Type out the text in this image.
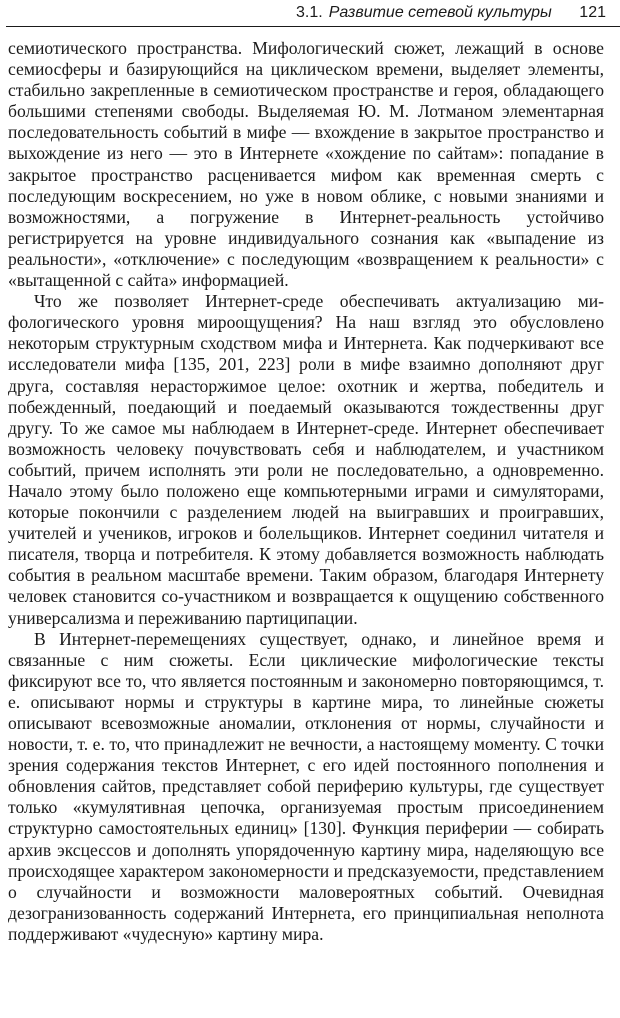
3.1. Развитие сетевой культуры 121

семиотического пространства. Мифологический сюжет, лежащий в основе семиосферы и базирующийся на циклическом времени, выделяет элементы, стабильно закрепленные в семиотическом пространстве и героя, обладающего большими степенями свободы. Выделяемая Ю. М. Лотманом элементарная последовательность событий в мифе — вхождение в закрытое пространство и выхождение из него — это в Интернете «хождение по сайтам»: попадание в закрытое пространство расценивается мифом как временная смерть с последующим воскресением, но уже в новом облике, с новыми знаниями и возможностями, а погружение в Интернет-реальность устойчиво регистрируется на уровне индивидуального сознания как «выпадение из реальности», «отключение» с последующим «возвращением к реальности» с «вытащенной с сайта» информацией.

Что же позволяет Интернет-среде обеспечивать актуализацию мифологического уровня мироощущения? На наш взгляд это обусловлено некоторым структурным сходством мифа и Интернета. Как подчеркивают все исследователи мифа [135, 201, 223] роли в мифе взаимно дополняют друг друга, составляя нерасторжимое целое: охотник и жертва, победитель и побежденный, поедающий и поедаемый оказываются тождественны друг другу. То же самое мы наблюдаем в Интернет-среде. Интернет обеспечивает возможность человеку почувствовать себя и наблюдателем, и участником событий, причем исполнять эти роли не последовательно, а одновременно. Начало этому было положено еще компьютерными играми и симуляторами, которые покончили с разделением людей на выигравших и проигравших, учителей и учеников, игроков и болельщиков. Интернет соединил читателя и писателя, творца и потребителя. К этому добавляется возможность наблюдать события в реальном масштабе времени. Таким образом, благодаря Интернету человек становится со-участником и возвращается к ощущению собственного универсализма и переживанию партиципации.

В Интернет-перемещениях существует, однако, и линейное время и связанные с ним сюжеты. Если циклические мифологические тексты фиксируют все то, что является постоянным и закономерно повторяющимся, т. е. описывают нормы и структуры в картине мира, то линейные сюжеты описывают всевозможные аномалии, отклонения от нормы, случайности и новости, т. е. то, что принадлежит не вечности, а настоящему моменту. С точки зрения содержания текстов Интернет, с его идей постоянного пополнения и обновления сайтов, представляет собой периферию культуры, где существует только «кумулятивная цепочка, организуемая простым присоединением структурно самостоятельных единиц» [130]. Функция периферии — собирать архив эксцессов и дополнять упорядоченную картину мира, наделяющую все происходящее характером закономерности и предсказуемости, представлением о случайности и возможности маловероятных событий. Очевидная дезогранизованность содержаний Интернета, его принципиальная неполнота поддерживают «чудесную» картину мира.
